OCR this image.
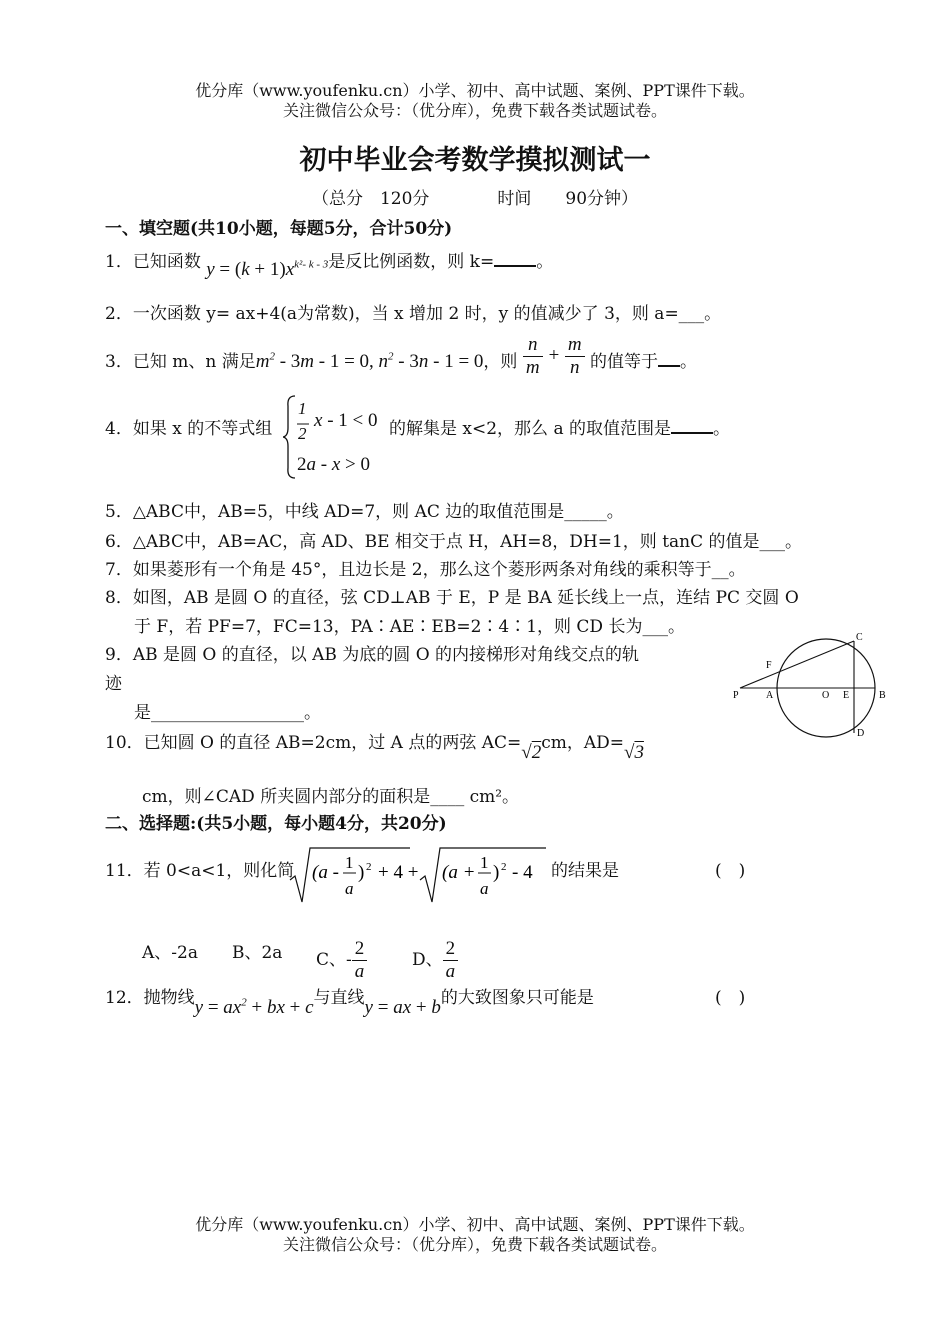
优分库（www.youfenku.cn）小学、初中、高中试题、案例、PPT课件下载。
关注微信公众号：（优分库），免费下载各类试题试卷。
初中毕业会考数学摸拟测试一
（总分　120分　　　　时间　　90分钟）
一、填空题(共10小题，每题5分，合计50分)
1．已知函数 $y = (k + 1)x^{k^2‑ k ‑ 3}$是反比例函数，则 k= 。
2．一次函数 y= ax+4(a为常数)，当 x 增加 2 时，y 的值减少了 3，则 a=___。
3．已知 m、n 满足$m^2$ ‑ 3m ‑ 1 = 0, $n^2$ ‑ 3n ‑ 1 = 0，则 $\frac{n}{m} + \frac{m}{n}$ 的值等于 。
4．如果 x 的不等式组
1
2
x ‑ 1 < 0
2a ‑ x > 0
的解集是 x<2，那么 a 的取值范围是 。
5．△ABC中，AB=5，中线 AD=7，则 AC 边的取值范围是_____。
6．△ABC中，AB=AC，高 AD、BE 相交于点 H，AH=8，DH=1，则 tanC 的值是___。
7．如果菱形有一个角是 45°，且边长是 2，那么这个菱形两条对角线的乘积等于__。
8．如图，AB 是圆 O 的直径，弦 CD⊥AB 于 E，P 是 BA 延长线上一点，连结 PC 交圆 O
于 F，若 PF=7，FC=13，PA∶AE∶EB=2∶4∶1，则 CD 长为___。
9．AB 是圆 O 的直径，以 AB 为底的圆 O 的内接梯形对角线交点的轨
迹
是__________________。
C
F
P	A	O E	B
D
10．已知圆 O 的直径 AB=2cm，过 A 点的两弦 AC=√2cm，AD=√3
cm，则∠CAD 所夹圆内部分的面积是____ cm²。
二、选择题:(共5小题，每小题4分，共20分)
11．若 0<a<1，则化简 (a ‑ 1
a
) 2 + 4 + (a + 1
a
) 2 ‑ 4 的结果是	(　)
A、-2a B、2a C、- $\frac{2}{a}$	D、 $\frac{2}{a}$
12．抛物线$y = ax^2$ + bx + c与直线y = ax + b的大致图象只可能是	(　)
优分库（www.youfenku.cn）小学、初中、高中试题、案例、PPT课件下载。
关注微信公众号：（优分库），免费下载各类试题试卷。
